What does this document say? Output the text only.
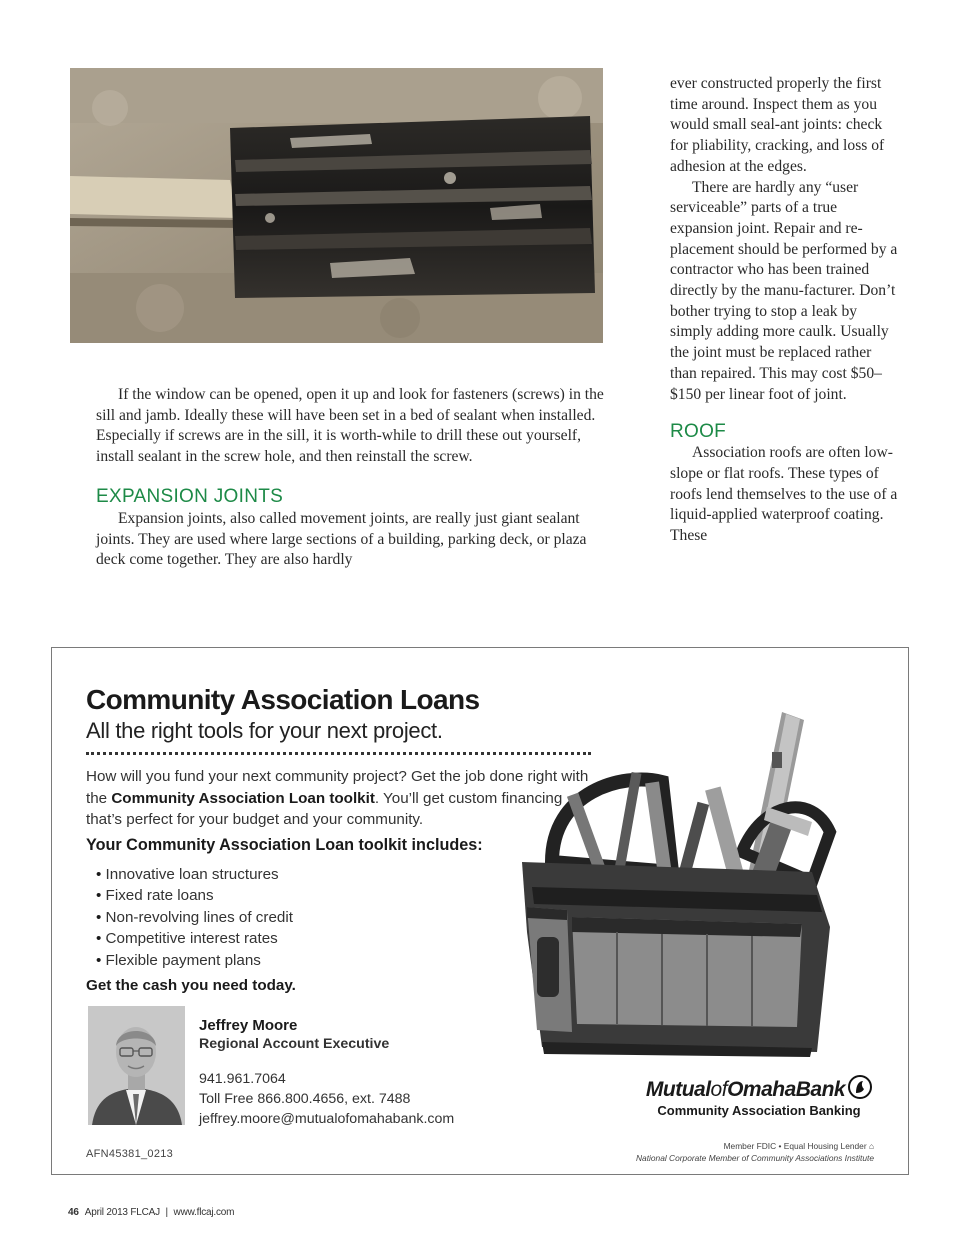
If the window can be opened, open it up and look for fasteners (screws) in the sill and jamb. Ideally these will have been set in a bed of sealant when installed. Especially if screws are in the sill, it is worth-while to drill these out yourself, install sealant in the screw hole, and then reinstall the screw.

EXPANSION JOINTS

Expansion joints, also called movement joints, are really just giant sealant joints. They are used where large sections of a building, parking deck, or plaza deck come together. They are also hardly

ever constructed properly the first time around. Inspect them as you would small seal-ant joints: check for pliability, cracking, and loss of adhesion at the edges.

There are hardly any “user serviceable” parts of a true expansion joint. Repair and re-placement should be performed by a contractor who has been trained directly by the manu-facturer. Don’t bother trying to stop a leak by simply adding more caulk. Usually the joint must be replaced rather than repaired. This may cost $50–$150 per linear foot of joint.

ROOF

Association roofs are often low-slope or flat roofs. These types of roofs lend themselves to the use of a liquid-applied waterproof coating. These

Community Association Loans

All the right tools for your next project.

How will you fund your next community project? Get the job done right with the Community Association Loan toolkit. You’ll get custom financing that’s perfect for your budget and your community.

Your Community Association Loan toolkit includes:

• Innovative loan structures
• Fixed rate loans
• Non-revolving lines of credit
• Competitive interest rates
• Flexible payment plans

Get the cash you need today.

Jeffrey Moore

Regional Account Executive

941.961.7064

Toll Free 866.800.4656, ext. 7488

jeffrey.moore@mutualofomahabank.com

AFN45381_0213

MutualofOmahaBank

Community Association Banking

Member FDIC • Equal Housing Lender ⌂

National Corporate Member of Community Associations Institute

46 April 2013 FLCAJ | www.flcaj.com
